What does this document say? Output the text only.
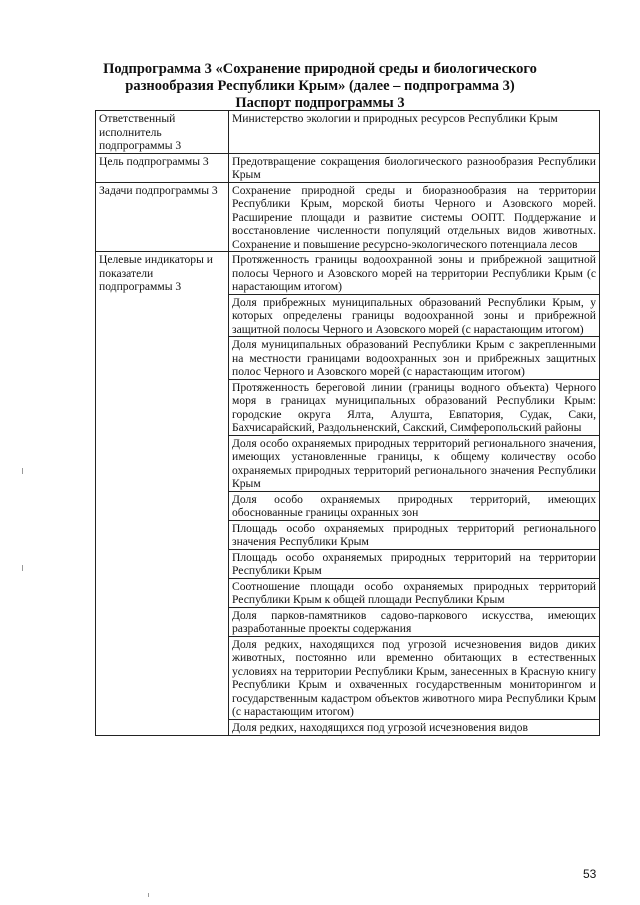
Подпрограмма 3 «Сохранение природной среды и биологического
разнообразия Республики Крым» (далее – подпрограмма 3)
Паспорт подпрограммы 3
Ответственный исполнитель подпрограммы 3	Министерство экологии и природных ресурсов Республики Крым
Цель подпрограммы 3	Предотвращение сокращения биологического разнообразия Республики Крым
Задачи подпрограммы 3	Сохранение природной среды и биоразнообразия на территории Республики Крым, морской биоты Черного и Азовского морей. Расширение площади и развитие системы ООПТ. Поддержание и восстановление численности популяций отдельных видов животных. Сохранение и повышение ресурсно-экологического потенциала лесов
Целевые индикаторы и показатели подпрограммы 3	Протяженность границы водоохранной зоны и прибрежной защитной полосы Черного и Азовского морей на территории Республики Крым (с нарастающим итогом)
	Доля прибрежных муниципальных образований Республики Крым, у которых определены границы водоохранной зоны и прибрежной защитной полосы Черного и Азовского морей (с нарастающим итогом)
	Доля муниципальных образований Республики Крым с закрепленными на местности границами водоохранных зон и прибрежных защитных полос Черного и Азовского морей (с нарастающим итогом)
	Протяженность береговой линии (границы водного объекта) Черного моря в границах муниципальных образований Республики Крым: городские округа Ялта, Алушта, Евпатория, Судак, Саки, Бахчисарайский, Раздольненский, Сакский, Симферопольский районы
	Доля особо охраняемых природных территорий регионального значения, имеющих установленные границы, к общему количеству особо охраняемых природных территорий регионального значения Республики Крым
	Доля особо охраняемых природных территорий, имеющих обоснованные границы охранных зон
	Площадь особо охраняемых природных территорий регионального значения Республики Крым
	Площадь особо охраняемых природных территорий на территории Республики Крым
	Соотношение площади особо охраняемых природных территорий Республики Крым к общей площади Республики Крым
	Доля парков-памятников садово-паркового искусства, имеющих разработанные проекты содержания
	Доля редких, находящихся под угрозой исчезновения видов диких животных, постоянно или временно обитающих в естественных условиях на территории Республики Крым, занесенных в Красную книгу Республики Крым и охваченных государственным мониторингом и государственным кадастром объектов животного мира Республики Крым (с нарастающим итогом)
	Доля редких, находящихся под угрозой исчезновения видов
53
